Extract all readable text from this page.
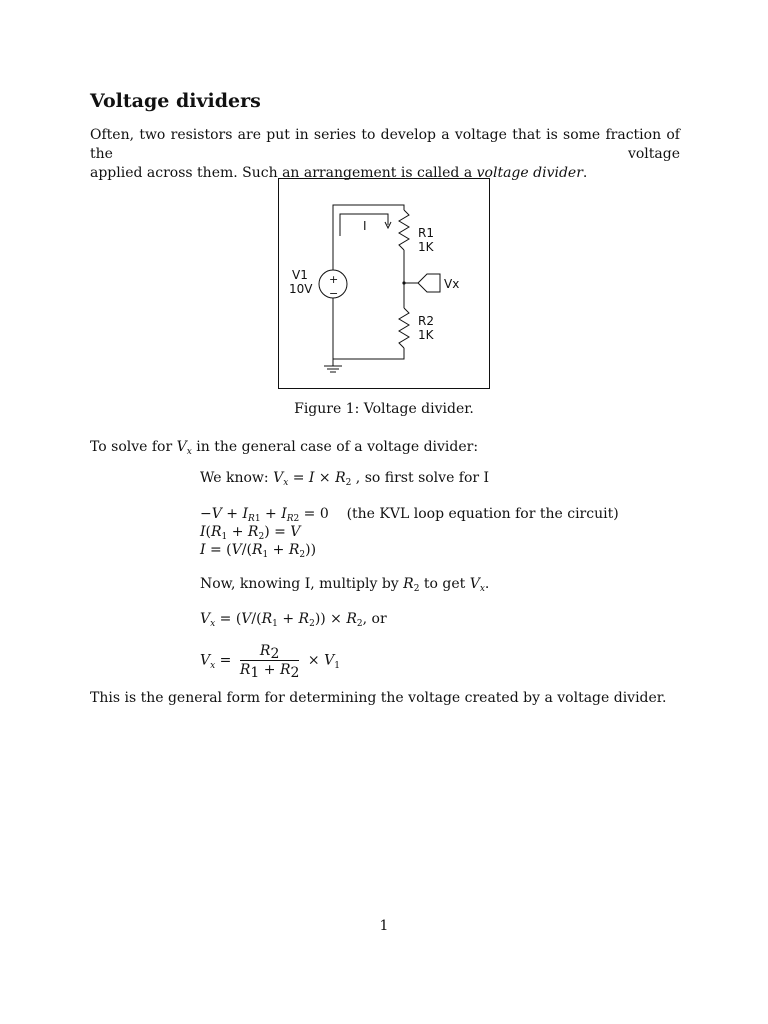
Voltage dividers
Often, two resistors are put in series to develop a voltage that is some fraction of the voltage
applied across them. Such an arrangement is called a voltage divider.
I	R1
1K
R2
1K
V1
10V
+
−
Vx
Figure 1: Voltage divider.
To solve for $V_x$ in the general case of a voltage divider:
We know: $V_x = I \times R_2$ , so first solve for I
$-V + I_{R1} + I_{R2} = 0$    (the KVL loop equation for the circuit)
$I(R_1 + R_2) = V$
$I = (V/(R_1 + R_2))$
Now, knowing I, multiply by $R_2$ to get $V_x$.
$V_x = (V/(R_1 + R_2)) \times R_2$, or
$V_x = \frac{R2}{R1 + R2} \times V_1$
This is the general form for determining the voltage created by a voltage divider.
1
